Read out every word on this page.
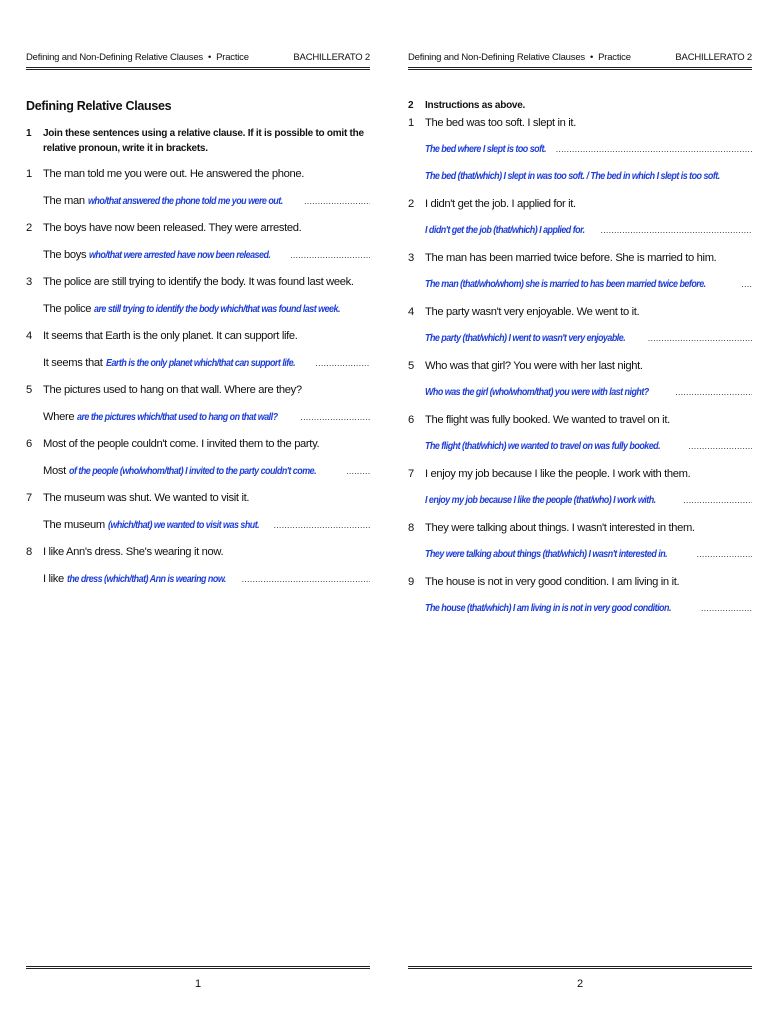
Defining and Non-Defining Relative Clauses • Practice	BACHILLERATO 2
Defining Relative Clauses
1	Join these sentences using a relative clause. If it is possible to omit the relative pronoun, write it in brackets.
1 The man told me you were out. He answered the phone.
The man who/that answered the phone told me you were out.
.....
2 The boys have now been released. They were arrested.
The boys who/that were arrested have now been released.
.....
3 The police are still trying to identify the body. It was found last week.
The police are still trying to identify the body which/that was found last week.
4 It seems that Earth is the only planet. It can support life.
It seems that Earth is the only planet which/that can support life.
.....
5 The pictures used to hang on that wall. Where are they?
Where are the pictures which/that used to hang on that wall?
.....
6 Most of the people couldn't come. I invited them to the party.
Most of the people (who/whom/that) I invited to the party couldn't come.
.....
7 The museum was shut. We wanted to visit it.
The museum (which/that) we wanted to visit was shut.
.....
8 I like Ann's dress. She's wearing it now.
I like the dress (which/that) Ann is wearing now.
.....
1
Defining and Non-Defining Relative Clauses • Practice	BACHILLERATO 2
2	Instructions as above.
1 The bed was too soft. I slept in it.
The bed where I slept is too soft.
.....
The bed (that/which) I slept in was too soft. / The bed in which I slept is too soft.
2 I didn't get the job. I applied for it.
I didn't get the job (that/which) I applied for.
.....
3 The man has been married twice before. She is married to him.
The man (that/who/whom) she is married to has been married twice before.
.....
4 The party wasn't very enjoyable. We went to it.
The party (that/which) I went to wasn't very enjoyable.
.....
5 Who was that girl? You were with her last night.
Who was the girl (who/whom/that) you were with last night?
.....
6 The flight was fully booked. We wanted to travel on it.
The flight (that/which) we wanted to travel on was fully booked.
.....
7 I enjoy my job because I like the people. I work with them.
I enjoy my job because I like the people (that/who) I work with.
.....
8 They were talking about things. I wasn't interested in them.
They were talking about things (that/which) I wasn't interested in.
.....
9 The house is not in very good condition. I am living in it.
The house (that/which) I am living in is not in very good condition.
.....
2
